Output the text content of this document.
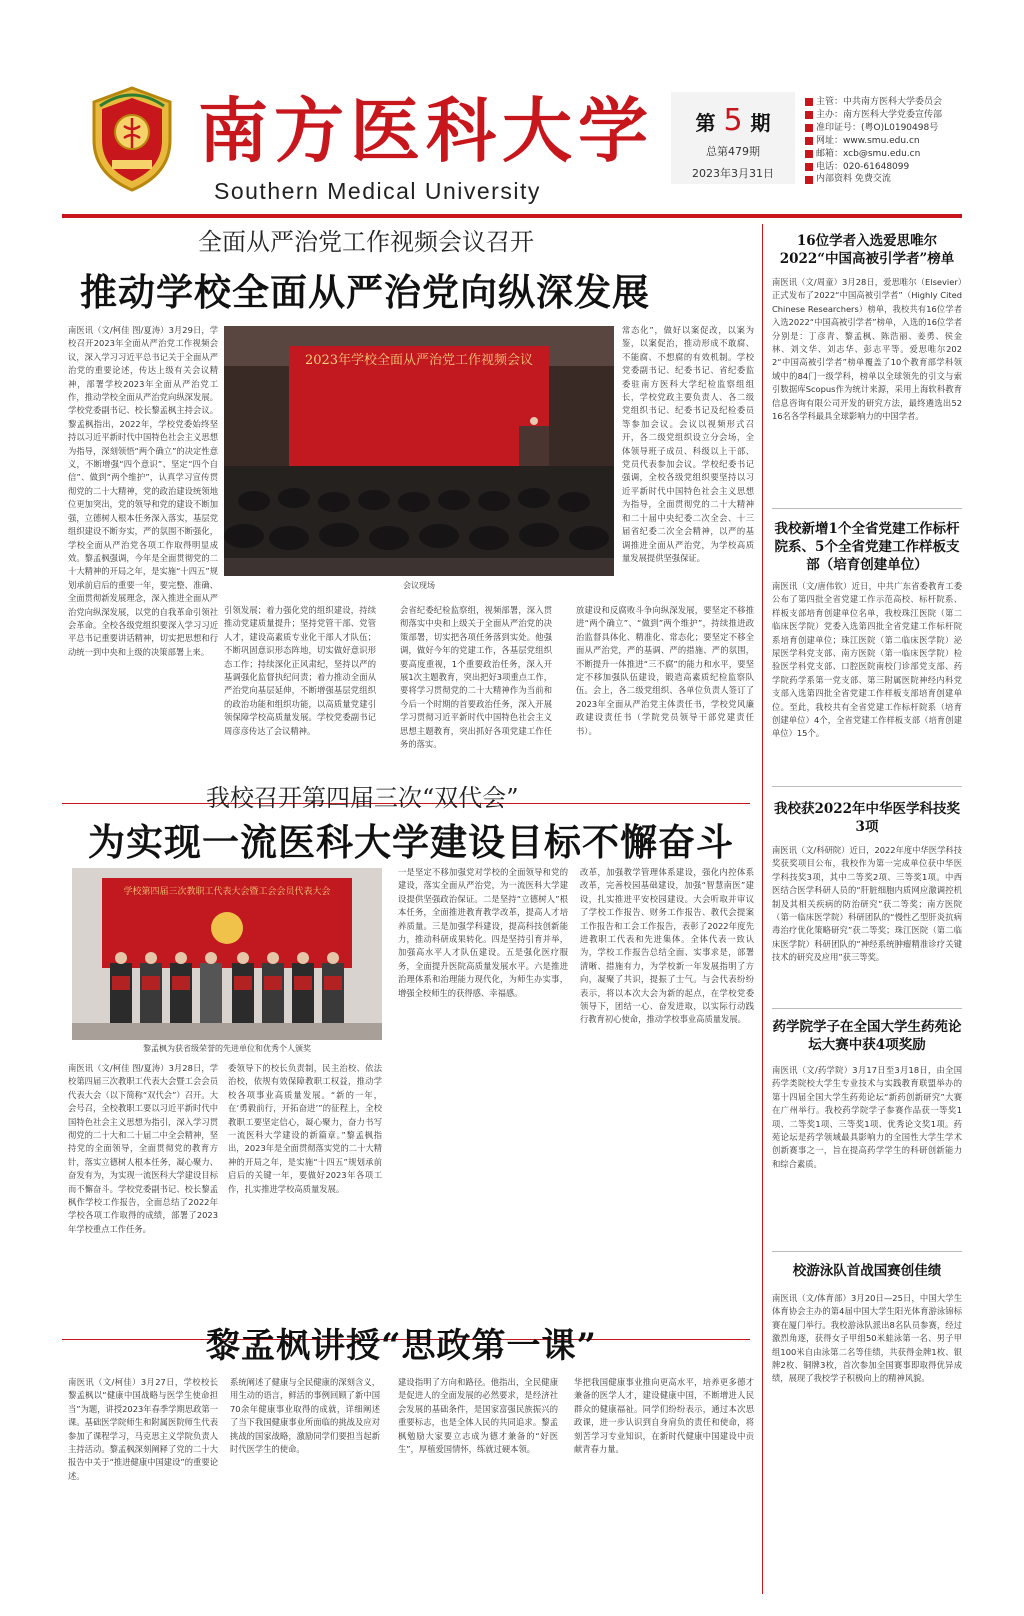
南方医科大学
Southern Medical University
第 5 期
总第479期
2023年3月31日
主管：中共南方医科大学委员会
主办：南方医科大学党委宣传部
准印证号：(粤O)L0190498号
网址：www.smu.edu.cn
邮箱：xcb@smu.edu.cn
电话：020-61648099
内部资料 免费交流
全面从严治党工作视频会议召开
推动学校全面从严治党向纵深发展
南医讯（文/柯佳 图/夏涛）3月29日，学校召开2023年全面从严治党工作视频会议，深入学习习近平总书记关于全面从严治党的重要论述，传达上级有关会议精神，部署学校2023年全面从严治党工作，推动学校全面从严治党向纵深发展。学校党委副书记、校长黎孟枫主持会议。黎孟枫指出，2022年，学校党委始终坚持以习近平新时代中国特色社会主义思想为指导，深刻领悟“两个确立”的决定性意义，不断增强“四个意识”、坚定“四个自信”、做到“两个维护”，认真学习宣传贯彻党的二十大精神，党的政治建设统领地位更加突出，党的领导和党的建设不断加强，立德树人根本任务深入落实，基层党组织建设不断夯实，严的氛围不断强化，学校全面从严治党各项工作取得明显成效。黎孟枫强调，今年是全面贯彻党的二十大精神的开局之年，是实施“十四五”规划承前启后的重要一年，要完整、准确、全面贯彻新发展理念，深入推进全面从严治党向纵深发展，以党的自我革命引领社会革命。全校各级党组织要深入学习习近平总书记重要讲话精神，切实把思想和行动统一到中央和上级的决策部署上来。
2023年学校全面从严治党工作视频会议
会议现场
常态化”，做好以案促改，以案为鉴，以案促治，推动形成不敢腐、不能腐、不想腐的有效机制。学校党委副书记、纪委书记、省纪委监委驻南方医科大学纪检监察组组长，学校党政主要负责人、各二级党组织书记、纪委书记及纪检委员等参加会议。会议以视频形式召开，各二级党组织设立分会场，全体领导班子成员、科级以上干部、党员代表参加会议。学校纪委书记强调，全校各级党组织要坚持以习近平新时代中国特色社会主义思想为指导，全面贯彻党的二十大精神和二十届中央纪委二次全会、十三届省纪委二次全会精神，以严的基调推进全面从严治党，为学校高质量发展提供坚强保证。
引领发展；着力强化党的组织建设，持续推动党建质量提升；坚持党管干部、党管人才，建设高素质专业化干部人才队伍；不断巩固意识形态阵地，切实做好意识形态工作；持续深化正风肃纪，坚持以严的基调强化监督执纪问责；着力推动全面从严治党向基层延伸，不断增强基层党组织的政治功能和组织功能，以高质量党建引领保障学校高质量发展。学校党委副书记周彦彦传达了会议精神。
会省纪委纪检监察组，视频部署，深入贯彻落实中央和上级关于全面从严治党的决策部署，切实把各项任务落到实处。他强调，做好今年的党建工作，各基层党组织要高度重视，1个重要政治任务，深入开展1次主题教育，突出把好3项重点工作，要将学习贯彻党的二十大精神作为当前和今后一个时期的首要政治任务，深入开展学习贯彻习近平新时代中国特色社会主义思想主题教育，突出抓好各项党建工作任务的落实。
放建设和反腐败斗争向纵深发展，要坚定不移推进“两个确立”、“做到”两个维护”，持续推进政治监督具体化、精准化、常态化；要坚定不移全面从严治党，严的基调、严的措施、严的氛围，不断提升一体推进“三不腐”的能力和水平，要坚定不移加强队伍建设，锻造高素质纪检监察队伍。会上，各二级党组织、各单位负责人签订了2023年全面从严治党主体责任书，学校党风廉政建设责任书（学院党员领导干部党建责任书）。
我校召开第四届三次“双代会”
为实现一流医科大学建设目标不懈奋斗
学校第四届三次教职工代表大会暨工会会员代表大会
黎孟枫为获省级荣誉的先进单位和优秀个人颁奖
南医讯（文/柯佳 图/夏涛）3月28日，学校第四届三次教职工代表大会暨工会会员代表大会（以下简称“双代会”）召开。大会号召，全校教职工要以习近平新时代中国特色社会主义思想为指引，深入学习贯彻党的二十大和二十届二中全会精神，坚持党的全面领导，全面贯彻党的教育方针，落实立德树人根本任务，凝心聚力、奋发有为，为实现一流医科大学建设目标而不懈奋斗。学校党委副书记、校长黎孟枫作学校工作报告，全面总结了2022年学校各项工作取得的成绩，部署了2023年学校重点工作任务。
委领导下的校长负责制，民主治校、依法治校，依规有效保障教职工权益，推动学校各项事业高质量发展。“新的一年，在‘勇毅前行，开拓奋进’”的征程上，全校教职工要坚定信心，凝心聚力，奋力书写一流医科大学建设的新篇章。”黎孟枫指出，2023年是全面贯彻落实党的二十大精神的开局之年，是实施“十四五”规划承前启后的关键一年，要做好2023年各项工作，扎实推进学校高质量发展。
一是坚定不移加强党对学校的全面领导和党的建设，落实全面从严治党，为一流医科大学建设提供坚强政治保证。二是坚持“立德树人”根本任务，全面推进教育教学改革，提高人才培养质量。三是加强学科建设，提高科技创新能力，推动科研成果转化。四是坚持引育并举，加强高水平人才队伍建设。五是强化医疗服务，全面提升医院高质量发展水平。六是推进治理体系和治理能力现代化，为师生办实事，增强全校师生的获得感、幸福感。
改革，加强教学管理体系建设，强化内控体系改革，完善校园基础建设，加强“智慧南医”建设，扎实推进平安校园建设。大会听取并审议了学校工作报告、财务工作报告、教代会提案工作报告和工会工作报告，表彰了2022年度先进教职工代表和先进集体。全体代表一致认为，学校工作报告总结全面、实事求是，部署清晰、措施有力，为学校新一年发展指明了方向，凝聚了共识，提振了士气。与会代表纷纷表示，将以本次大会为新的起点，在学校党委领导下，团结一心、奋发进取，以实际行动践行教育初心使命，推动学校事业高质量发展。
黎孟枫讲授“思政第一课”
南医讯（文/柯佳）3月27日，学校校长黎孟枫以“健康中国战略与医学生使命担当”为题，讲授2023年春季学期思政第一课。基础医学院师生和附属医院师生代表参加了课程学习，马克思主义学院负责人主持活动。黎孟枫深刻阐释了党的二十大报告中关于“推进健康中国建设”的重要论述。
系统阐述了健康与全民健康的深刻含义，用生动的语言，鲜活的事例回顾了新中国70余年健康事业取得的成就，详细阐述了当下我国健康事业所面临的挑战及应对挑战的国家战略，激励同学们要担当起新时代医学生的使命。
建设指明了方向和路径。他指出，全民健康是促进人的全面发展的必然要求，是经济社会发展的基础条件，是国家富强民族振兴的重要标志，也是全体人民的共同追求。黎孟枫勉励大家要立志成为德才兼备的“好医生”，厚植爱国情怀，练就过硬本领。
华把我国健康事业推向更高水平，培养更多德才兼备的医学人才，建设健康中国，不断增进人民群众的健康福祉。同学们纷纷表示，通过本次思政课，进一步认识到自身肩负的责任和使命，将刻苦学习专业知识，在新时代健康中国建设中贡献青春力量。
16位学者入选爱思唯尔2022“中国高被引学者”榜单
南医讯（文/周童）3月28日，爱思唯尔（Elsevier）正式发布了2022“中国高被引学者”（Highly Cited Chinese Researchers）榜单，我校共有16位学者入选2022“中国高被引学者”榜单，入选的16位学者分别是：丁彦青、黎孟枫、陈浩丽、姜勇、侯金林、刘文华、刘志华、彭志平等。爱思唯尔2022“中国高被引学者”榜单覆盖了10个教育部学科领域中的84门一级学科，榜单以全球领先的引文与索引数据库Scopus作为统计来源，采用上海软科教育信息咨询有限公司开发的研究方法，最终遴选出5216名各学科最具全球影响力的中国学者。
我校新增1个全省党建工作标杆院系、5个全省党建工作样板支部（培育创建单位）
南医讯（文/唐伟钦）近日，中共广东省委教育工委公布了第四批全省党建工作示范高校、标杆院系、样板支部培育创建单位名单，我校珠江医院（第二临床医学院）党委入选第四批全省党建工作标杆院系培育创建单位；珠江医院（第二临床医学院）泌尿医学科党支部、南方医院（第一临床医学院）检验医学科党支部、口腔医院南校门诊部党支部、药学院药学系第一党支部、第三附属医院神经内科党支部入选第四批全省党建工作样板支部培育创建单位。至此，我校共有全省党建工作标杆院系（培育创建单位）4个，全省党建工作样板支部（培育创建单位）15个。
我校获2022年中华医学科技奖3项
南医讯（文/科研院）近日，2022年度中华医学科技奖获奖项目公布，我校作为第一完成单位获中华医学科技奖3项，其中二等奖2项、三等奖1项。中西医结合医学科研人员的“肝脏细胞内质网应激调控机制及其相关疾病的防治研究”获二等奖；南方医院（第一临床医学院）科研团队的“慢性乙型肝炎抗病毒治疗优化策略研究”获二等奖；珠江医院（第二临床医学院）科研团队的“神经系统肿瘤精准诊疗关键技术的研究及应用”获三等奖。
药学院学子在全国大学生药苑论坛大赛中获4项奖励
南医讯（文/药学院）3月17日至3月18日，由全国药学类院校大学生专业技术与实践教育联盟举办的第十四届全国大学生药苑论坛“新药创新研究”大赛在广州举行。我校药学院学子参赛作品获一等奖1项、二等奖1项、三等奖1项、优秀论文奖1项。药苑论坛是药学领域最具影响力的全国性大学生学术创新赛事之一，旨在提高药学学生的科研创新能力和综合素质。
校游泳队首战国赛创佳绩
南医讯（文/体育部）3月20日—25日，中国大学生体育协会主办的第4届中国大学生阳光体育游泳锦标赛在厦门举行。我校游泳队派出8名队员参赛，经过激烈角逐，获得女子甲组50米蛙泳第一名、男子甲组100米自由泳第二名等佳绩，共获得金牌1枚、银牌2枚、铜牌3枚，首次参加全国赛事即取得优异成绩，展现了我校学子积极向上的精神风貌。
